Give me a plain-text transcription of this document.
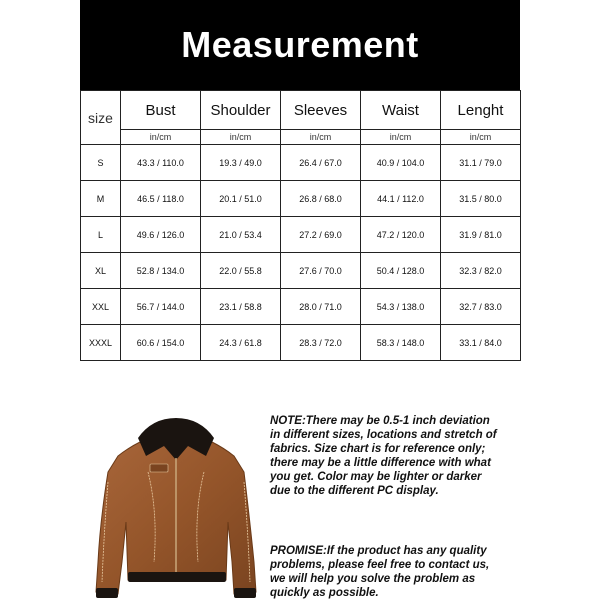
Measurement
size	Bust	Shoulder	Sleeves	Waist	Lenght
	in/cm	in/cm	in/cm	in/cm	in/cm
S	43.3 / 110.0	19.3 / 49.0	26.4 / 67.0	40.9 / 104.0	31.1 / 79.0
M	46.5 / 118.0	20.1 / 51.0	26.8 / 68.0	44.1 / 112.0	31.5 / 80.0
L	49.6 / 126.0	21.0 / 53.4	27.2 / 69.0	47.2 / 120.0	31.9 / 81.0
XL	52.8 / 134.0	22.0 / 55.8	27.6 / 70.0	50.4 / 128.0	32.3 / 82.0
XXL	56.7 / 144.0	23.1 / 58.8	28.0 / 71.0	54.3 / 138.0	32.7 / 83.0
XXXL	60.6 / 154.0	24.3 / 61.8	28.3 / 72.0	58.3 / 148.0	33.1 / 84.0

NOTE:There may be 0.5-1 inch deviation in different sizes, locations and stretch of fabrics. Size chart is for reference only; there may be a little difference with what you get. Color may be lighter or darker due to the different PC display.

PROMISE:If the product has any quality problems, please feel free to contact us, we will help you solve the problem as quickly as possible.
